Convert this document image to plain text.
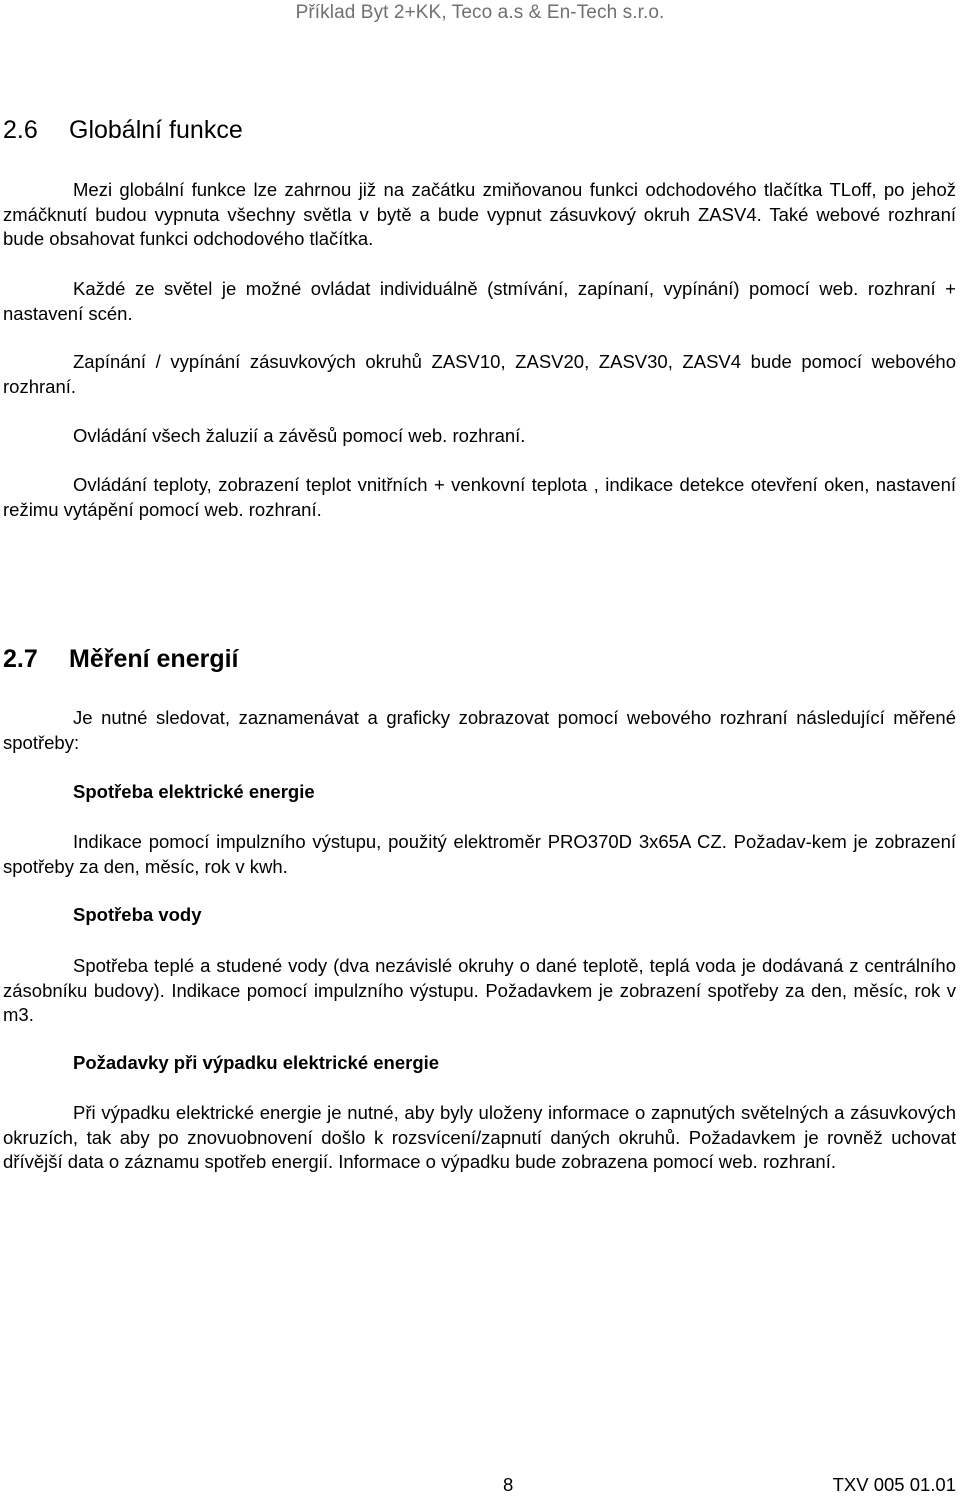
Příklad Byt 2+KK, Teco a.s & En-Tech s.r.o.
2.6 Globální funkce

Mezi globální funkce lze zahrnou již na začátku zmiňovanou funkci odchodového tlačítka TLoff, po jehož zmáčknutí budou vypnuta všechny světla v bytě a bude vypnut zásuvkový okruh ZASV4. Také webové rozhraní bude obsahovat funkci odchodového tlačítka.

Každé ze světel je možné ovládat individuálně (stmívání, zapínaní, vypínání) pomocí web. rozhraní + nastavení scén.

Zapínání / vypínání zásuvkových okruhů ZASV10, ZASV20, ZASV30, ZASV4 bude pomocí webového rozhraní.

Ovládání všech žaluzií a závěsů pomocí web. rozhraní.

Ovládání teploty, zobrazení teplot vnitřních + venkovní teplota , indikace detekce otevření oken, nastavení režimu vytápění pomocí web. rozhraní.

2.7 Měření energií

Je nutné sledovat, zaznamenávat a graficky zobrazovat pomocí webového rozhraní následující měřené spotřeby:

Spotřeba elektrické energie

Indikace pomocí impulzního výstupu, použitý elektroměr PRO370D 3x65A CZ. Požadav-kem je zobrazení spotřeby za den, měsíc, rok v kwh.

Spotřeba vody

Spotřeba teplé a studené vody (dva nezávislé okruhy o dané teplotě, teplá voda je dodávaná z centrálního zásobníku budovy). Indikace pomocí impulzního výstupu. Požadavkem je zobrazení spotřeby za den, měsíc, rok v m3.

Požadavky při výpadku elektrické energie

Při výpadku elektrické energie je nutné, aby byly uloženy informace o zapnutých světelných a zásuvkových okruzích, tak aby po znovuobnovení došlo k rozsvícení/zapnutí daných okruhů. Požadavkem je rovněž uchovat dřívější data o záznamu spotřeb energií. Informace o výpadku bude zobrazena pomocí web. rozhraní.

8	TXV 005 01.01
